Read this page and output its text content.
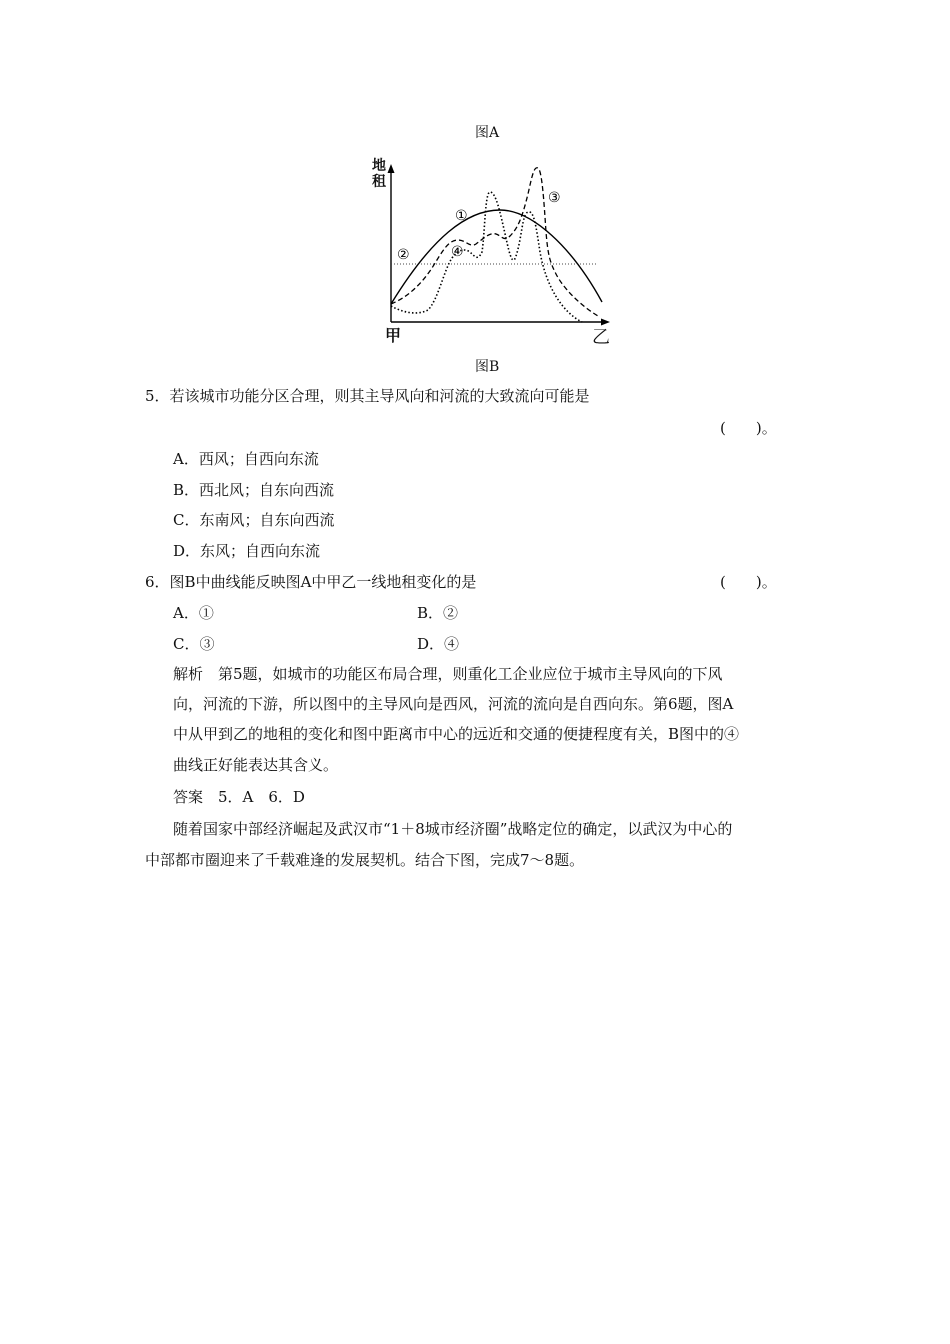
图A
①
②
③
④
地
租
甲	乙
图B
5．若该城市功能分区合理，则其主导风向和河流的大致流向可能是
(　　)。
A．西风；自西向东流
B．西北风；自东向西流
C．东南风；自东向西流
D．东风；自西向东流
6．图B中曲线能反映图A中甲乙一线地租变化的是	(　　)。
A．①	B．②
C．③	D．④
解析　第5题，如城市的功能区布局合理，则重化工企业应位于城市主导风向的下风
向，河流的下游，所以图中的主导风向是西风，河流的流向是自西向东。第6题，图A
中从甲到乙的地租的变化和图中距离市中心的远近和交通的便捷程度有关，B图中的④
曲线正好能表达其含义。
答案　5．A　6．D
随着国家中部经济崛起及武汉市“1＋8城市经济圈”战略定位的确定，以武汉为中心的
中部都市圈迎来了千载难逢的发展契机。结合下图，完成7～8题。
